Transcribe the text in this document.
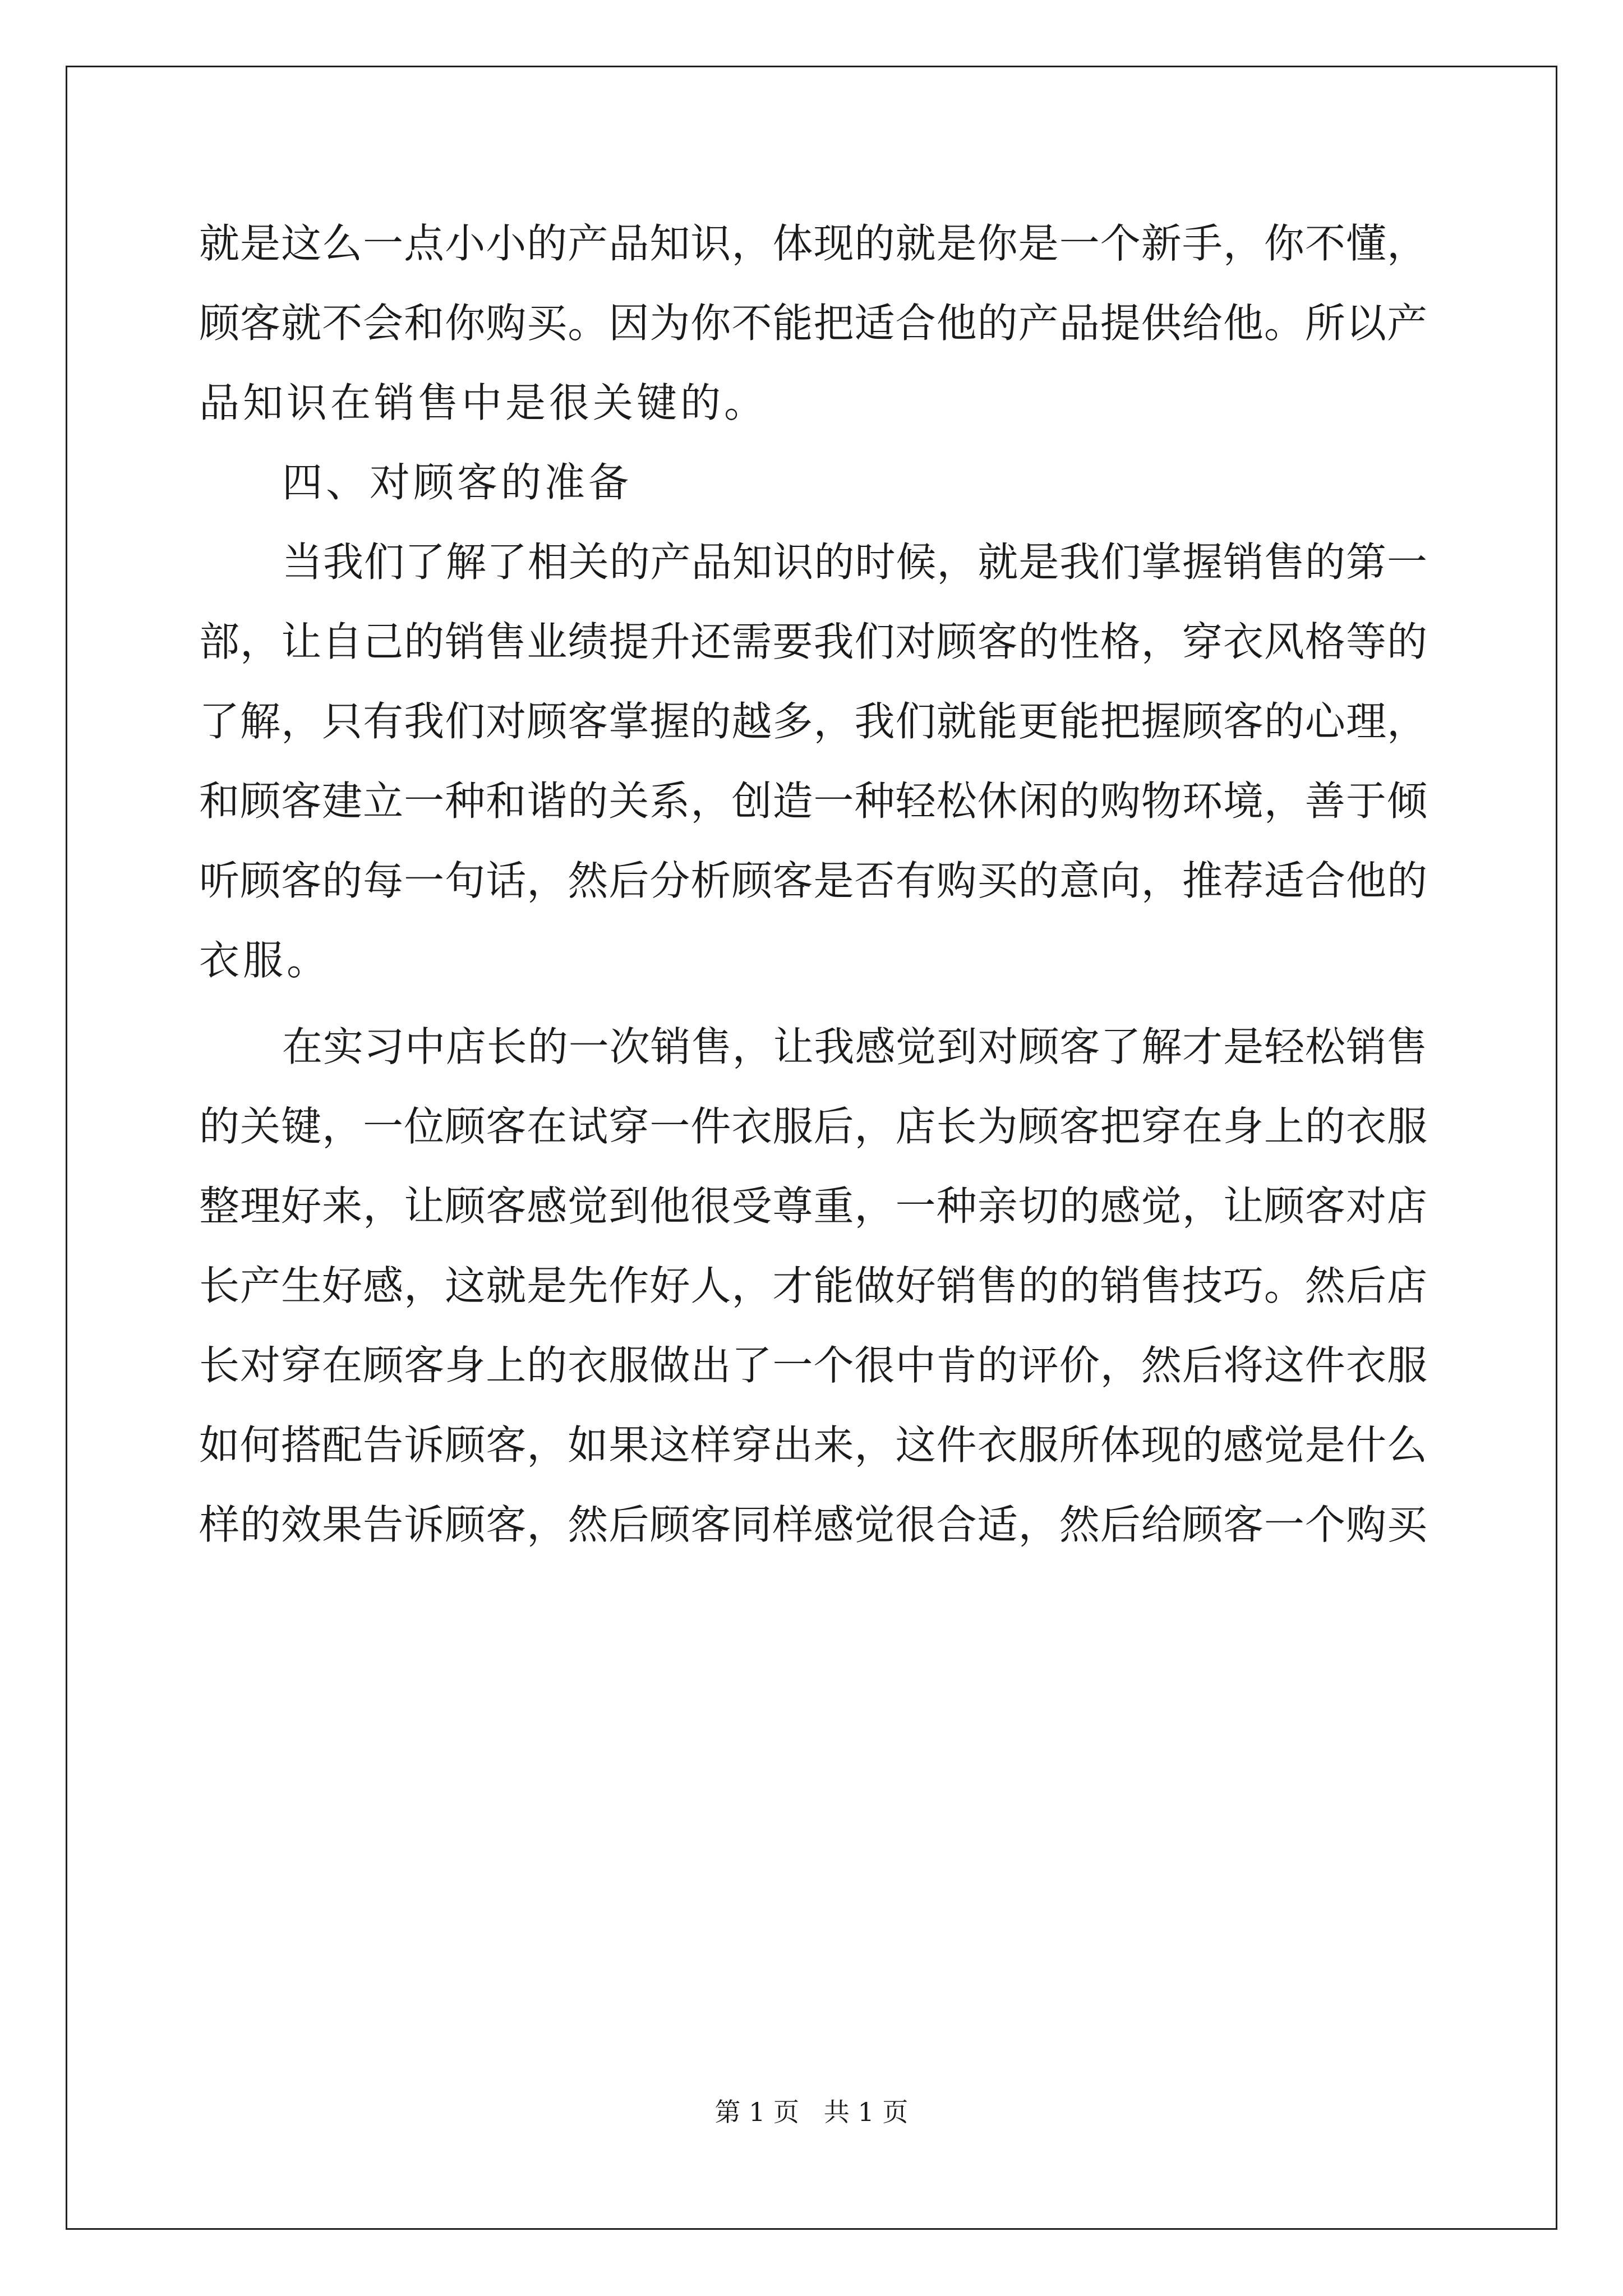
就是这么一点小小的产品知识，体现的就是你是一个新手，你不懂，
顾客就不会和你购买。因为你不能把适合他的产品提供给他。所以产
品知识在销售中是很关键的。
四、对顾客的准备
当我们了解了相关的产品知识的时候，就是我们掌握销售的第一
部，让自己的销售业绩提升还需要我们对顾客的性格，穿衣风格等的
了解，只有我们对顾客掌握的越多，我们就能更能把握顾客的心理，
和顾客建立一种和谐的关系，创造一种轻松休闲的购物环境，善于倾
听顾客的每一句话，然后分析顾客是否有购买的意向，推荐适合他的
衣服。
在实习中店长的一次销售，让我感觉到对顾客了解才是轻松销售
的关键，一位顾客在试穿一件衣服后，店长为顾客把穿在身上的衣服
整理好来，让顾客感觉到他很受尊重，一种亲切的感觉，让顾客对店
长产生好感，这就是先作好人，才能做好销售的的销售技巧。然后店
长对穿在顾客身上的衣服做出了一个很中肯的评价，然后将这件衣服
如何搭配告诉顾客，如果这样穿出来，这件衣服所体现的感觉是什么
样的效果告诉顾客，然后顾客同样感觉很合适，然后给顾客一个购买
第 1 页   共 1 页
